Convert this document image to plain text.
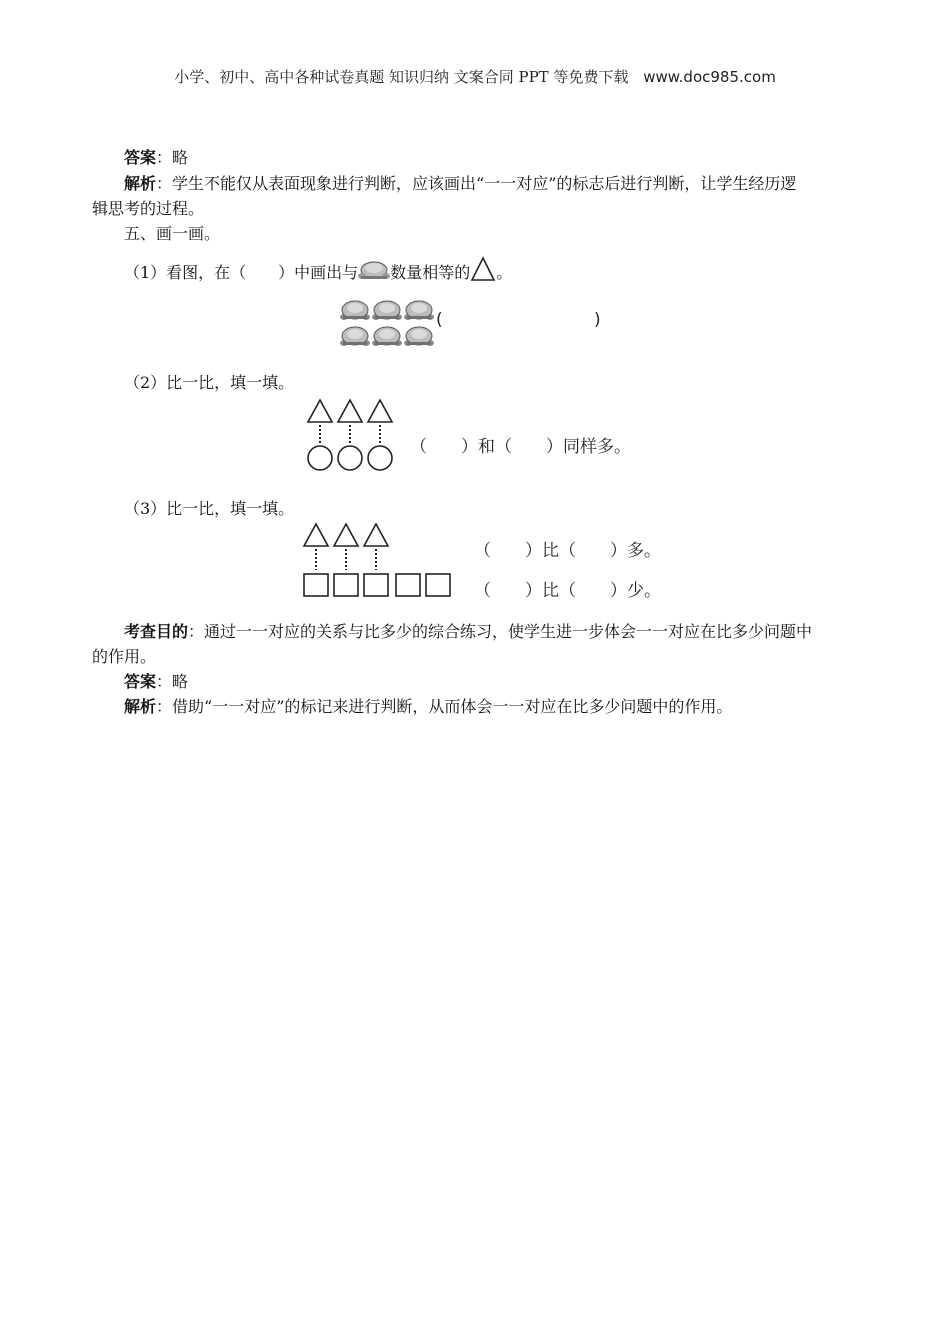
小学、初中、高中各种试卷真题 知识归纳 文案合同 PPT 等免费下载 www.doc985.com
答案：略
解析：学生不能仅从表面现象进行判断，应该画出“一一对应”的标志后进行判断，让学生经历逻
辑思考的过程。
五、画一画。
（1）看图，在（　　）中画出与 数量相等的 。
(	)
（2）比一比，填一填。
（　　）和（　　）同样多。
（3）比一比，填一填。
（　　）比（　　）多。
（　　）比（　　）少。
考查目的：通过一一对应的关系与比多少的综合练习，使学生进一步体会一一对应在比多少问题中
的作用。
答案：略
解析：借助“一一对应”的标记来进行判断，从而体会一一对应在比多少问题中的作用。
